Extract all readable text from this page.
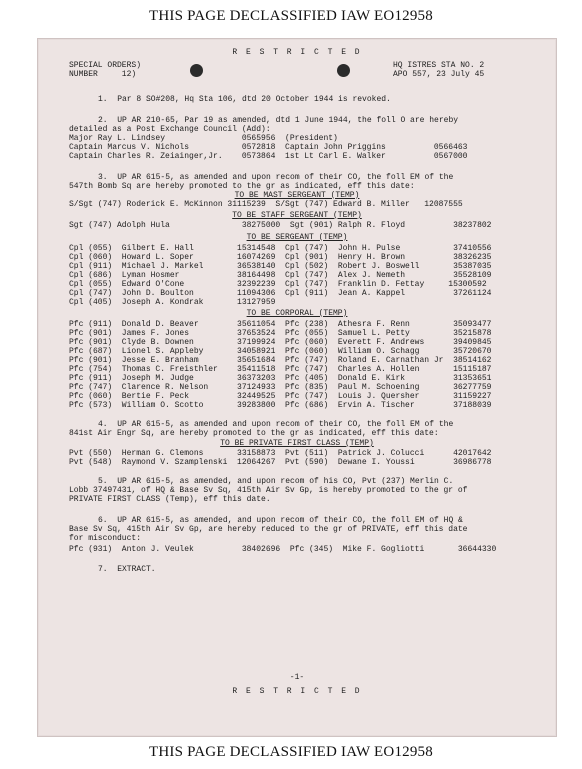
THIS PAGE DECLASSIFIED IAW EO12958
R E S T R I C T E D
SPECIAL ORDERS)
NUMBER     12)
HQ ISTRES STA NO. 2
APO 557, 23 July 45
1.  Par 8 SO#208, Hq Sta 106, dtd 20 October 1944 is revoked.
2.  UP AR 210-65, Par 19 as amended, dtd 1 June 1944, the foll O are hereby
detailed as a Post Exchange Council (Add):
Major Ray L. Lindsey                0565956  (President)
Captain Marcus V. Nichols           0572818  Captain John Priggins          0566463
Captain Charles R. Zeiainger,Jr.    0573864  1st Lt Carl E. Walker          0567000
3.  UP AR 615-5, as amended and upon recom of their CO, the foll EM of the
547th Bomb Sq are hereby promoted to the gr as indicated, eff this date:
TO BE MAST SERGEANT (TEMP)
S/Sgt (747) Roderick E. McKinnon 31115239  S/Sgt (747) Edward B. Miller   12087555
TO BE STAFF SERGEANT (TEMP)
Sgt (747) Adolph Hula               38275000  Sgt (901) Ralph R. Floyd          38237802
TO BE SERGEANT (TEMP)
Cpl (055)  Gilbert E. Hall         15314548  Cpl (747)  John H. Pulse           37410556
Cpl (060)  Howard L. Soper         16074269  Cpl (901)  Henry H. Brown          38326235
Cpl (911)  Michael J. Markel       36538140  Cpl (502)  Robert J. Boswell       35387035
Cpl (686)  Lyman Hosmer            38164498  Cpl (747)  Alex J. Nemeth          35528109
Cpl (055)  Edward O'Cone           32392239  Cpl (747)  Franklin D. Fettay     15300592
Cpl (747)  John D. Boulton         11094306  Cpl (911)  Jean A. Kappel          37261124
Cpl (405)  Joseph A. Kondrak       13127959
TO BE CORPORAL (TEMP)
Pfc (911)  Donald D. Beaver        35611054  Pfc (238)  Athesra F. Renn         35093477
Pfc (901)  James F. Jones          37653524  Pfc (055)  Samuel L. Petty         35215878
Pfc (901)  Clyde B. Downen         37199924  Pfc (060)  Everett F. Andrews      39409845
Pfc (687)  Lionel S. Appleby       34058921  Pfc (060)  William O. Schagg       35720670
Pfc (901)  Jesse E. Branham        35651684  Pfc (747)  Roland E. Carnathan Jr  38514162
Pfc (754)  Thomas C. Freisthler    35411518  Pfc (747)  Charles A. Hollen       15115187
Pfc (911)  Joseph M. Judge         36373203  Pfc (405)  Donald E. Kirk          31353651
Pfc (747)  Clarence R. Nelson      37124933  Pfc (835)  Paul M. Schoening       36277759
Pfc (060)  Bertie F. Peck          32449525  Pfc (747)  Louis J. Quersher       31159227
Pfc (573)  William O. Scotto       39283800  Pfc (686)  Ervin A. Tischer        37188039
4.  UP AR 615-5, as amended and upon recom of their CO, the foll EM of the
841st Air Engr Sq, are hereby promoted to the gr as indicated, eff this date:
TO BE PRIVATE FIRST CLASS (TEMP)
Pvt (550)  Herman G. Clemons       33158873  Pvt (511)  Patrick J. Colucci      42017642
Pvt (548)  Raymond V. Szamplenski  12064267  Pvt (590)  Dewane I. Youssi        36986778
5.  UP AR 615-5, as amended, and upon recom of his CO, Pvt (237) Merlin C.
Lobb 37497431, of HQ & Base Sv Sq, 415th Air Sv Gp, is hereby promoted to the gr of
PRIVATE FIRST CLASS (Temp), eff this date.
6.  UP AR 615-5, as amended, and upon recom of their CO, the foll EM of HQ &
Base Sv Sq, 415th Air Sv Gp, are hereby reduced to the gr of PRIVATE, eff this date
for misconduct:
Pfc (931)  Anton J. Veulek          38402696  Pfc (345)  Mike F. Gogliotti       36644330
7.  EXTRACT.
-1-
R E S T R I C T E D
THIS PAGE DECLASSIFIED IAW EO12958
